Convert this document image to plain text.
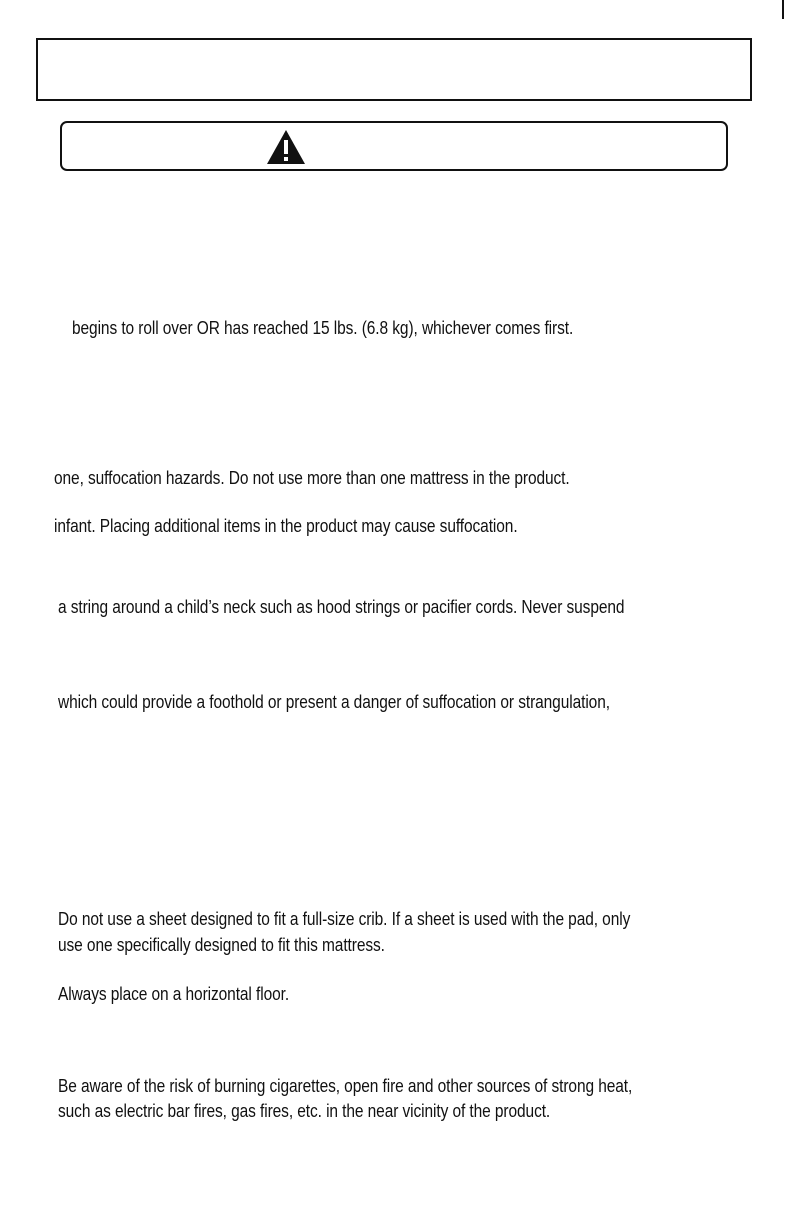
begins to roll over OR has reached 15 lbs. (6.8 kg), whichever comes first.
one, suffocation hazards. Do not use more than one mattress in the product.
infant. Placing additional items in the product may cause suffocation.
a string around a child’s neck such as hood strings or pacifier cords. Never suspend
which could provide a foothold or present a danger of suffocation or strangulation,
Do not use a sheet designed to fit a full-size crib. If a sheet is used with the pad, only
use one specifically designed to fit this mattress.
Always place on a horizontal floor.
Be aware of the risk of burning cigarettes, open fire and other sources of strong heat,
such as electric bar fires, gas fires, etc. in the near vicinity of the product.
